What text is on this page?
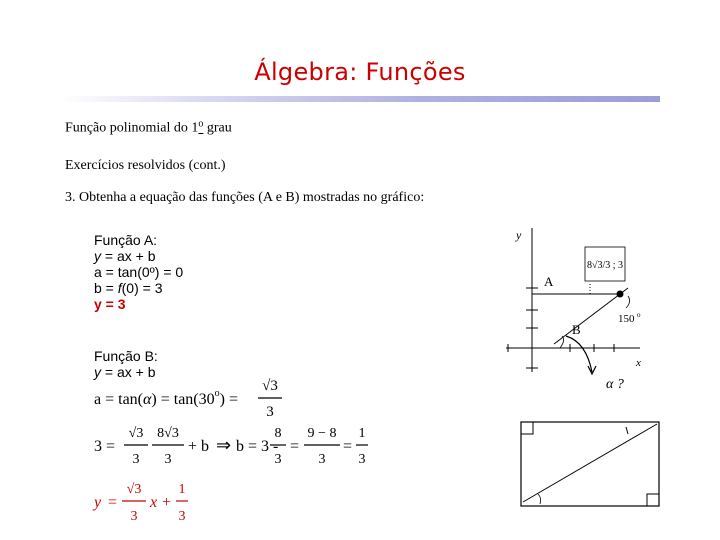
Álgebra: Funções
Função polinomial do 1$^o$ grau
Exercícios resolvidos (cont.)
3. Obtenha a equação das funções (A e B) mostradas no gráfico:
Função A:
y = ax + b
a = tan(0º) = 0
b = f(0) = 3
y = 3
Função B:
y = ax + b
$a = \tan(\alpha) = \tan(30^o)$ =
√3
3
3 =
√3
3
8√3
3
+ b ⇒ b = 3 -
8
3
=
9 − 8
3
=
1
3
y =
√3
3
x +
1
3
y
x
8√3/3 ; 3
A
B
150 o
α ?
